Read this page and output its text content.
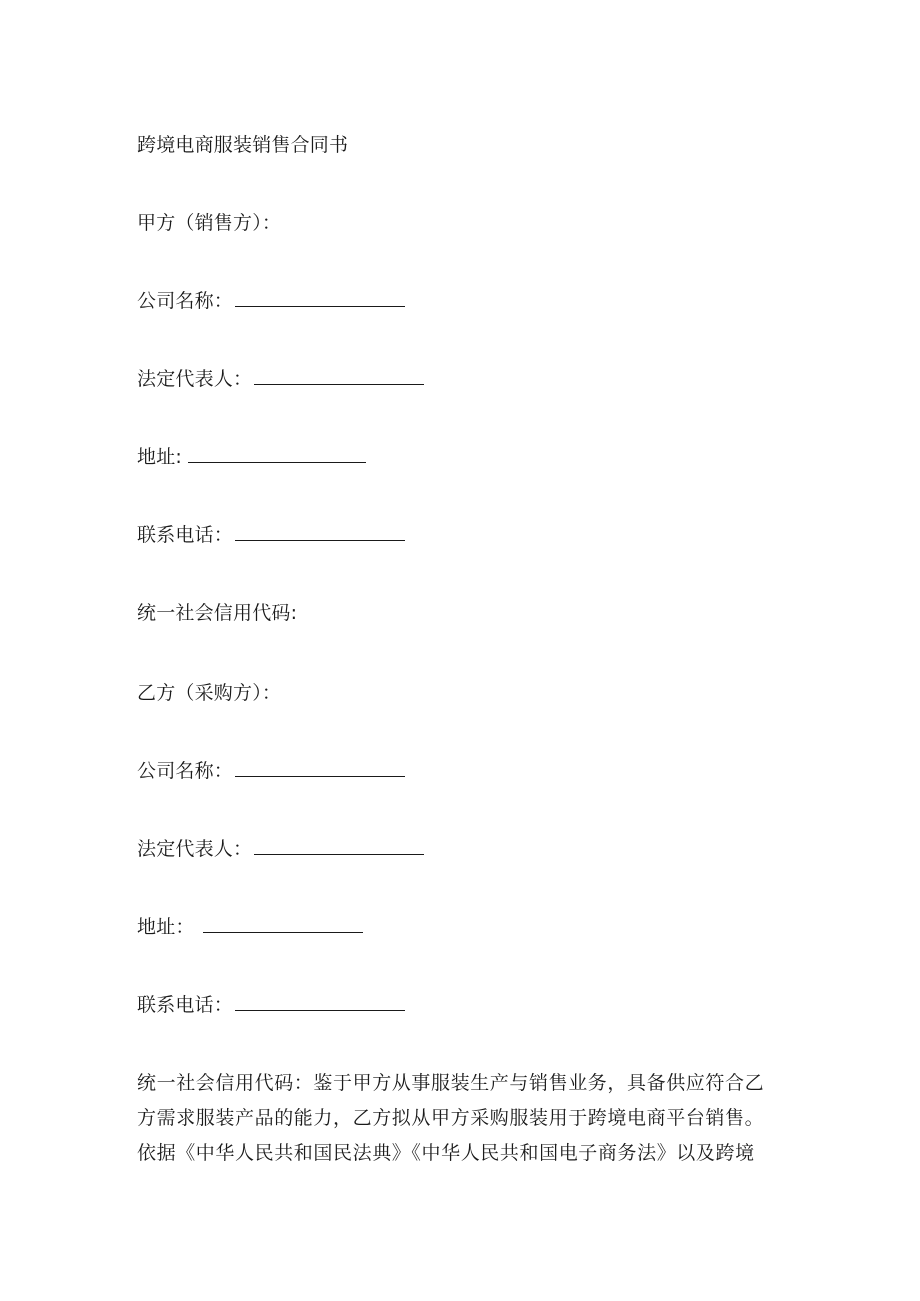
跨境电商服装销售合同书
甲方（销售方）：
公司名称：
法定代表人：
地址:
联系电话：
统一社会信用代码:
乙方（采购方）：
公司名称：
法定代表人：
地址：
联系电话：
统一社会信用代码：鉴于甲方从事服装生产与销售业务，具备供应符合乙
方需求服装产品的能力，乙方拟从甲方采购服装用于跨境电商平台销售。
依据《中华人民共和国民法典》《中华人民共和国电子商务法》以及跨境
